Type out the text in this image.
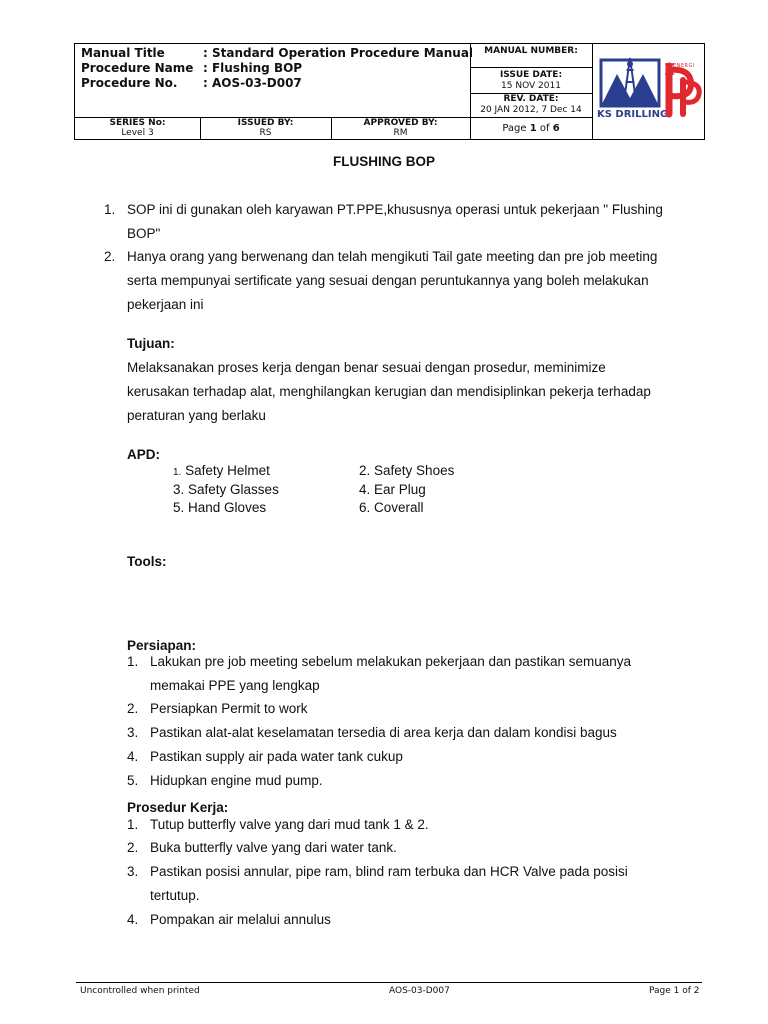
Manual Title	: Standard Operation Procedure Manual
Procedure Name : Flushing BOP
Procedure No. : AOS-03-D007
MANUAL NUMBER:
ISSUE DATE:
15 NOV 2011
REV. DATE:
20 JAN 2012, 7 Dec 14
Page 1 of 6
SERIES No:
Level 3
ISSUED BY:
RS
APPROVED BY:
RM
KS DRILLING
ENERGI
FLUSHING BOP
1. SOP ini di gunakan oleh karyawan PT.PPE,khususnya operasi untuk pekerjaan " Flushing
BOP"
2. Hanya orang yang berwenang dan telah mengikuti Tail gate meeting dan pre job meeting
serta mempunyai sertificate yang sesuai dengan peruntukannya yang boleh melakukan
pekerjaan ini
Tujuan:
Melaksanakan proses kerja dengan benar sesuai dengan prosedur, meminimize
kerusakan terhadap alat, menghilangkan kerugian dan mendisiplinkan pekerja terhadap
peraturan yang berlaku
APD:
1. Safety Helmet	2. Safety Shoes
3. Safety Glasses	4. Ear Plug
5. Hand Gloves	6. Coverall
Tools:
Persiapan:
1. Lakukan pre job meeting sebelum melakukan pekerjaan dan pastikan semuanya
memakai PPE yang lengkap
2. Persiapkan Permit to work
3. Pastikan alat-alat keselamatan tersedia di area kerja dan dalam kondisi bagus
4. Pastikan supply air pada water tank cukup
5. Hidupkan engine mud pump.
Prosedur Kerja:
1. Tutup butterfly valve yang dari mud tank 1 & 2.
2. Buka butterfly valve yang dari water tank.
3. Pastikan posisi annular, pipe ram, blind ram terbuka dan HCR Valve pada posisi
tertutup.
4. Pompakan air melalui annulus
Uncontrolled when printed	AOS-03-D007	Page 1 of 2
